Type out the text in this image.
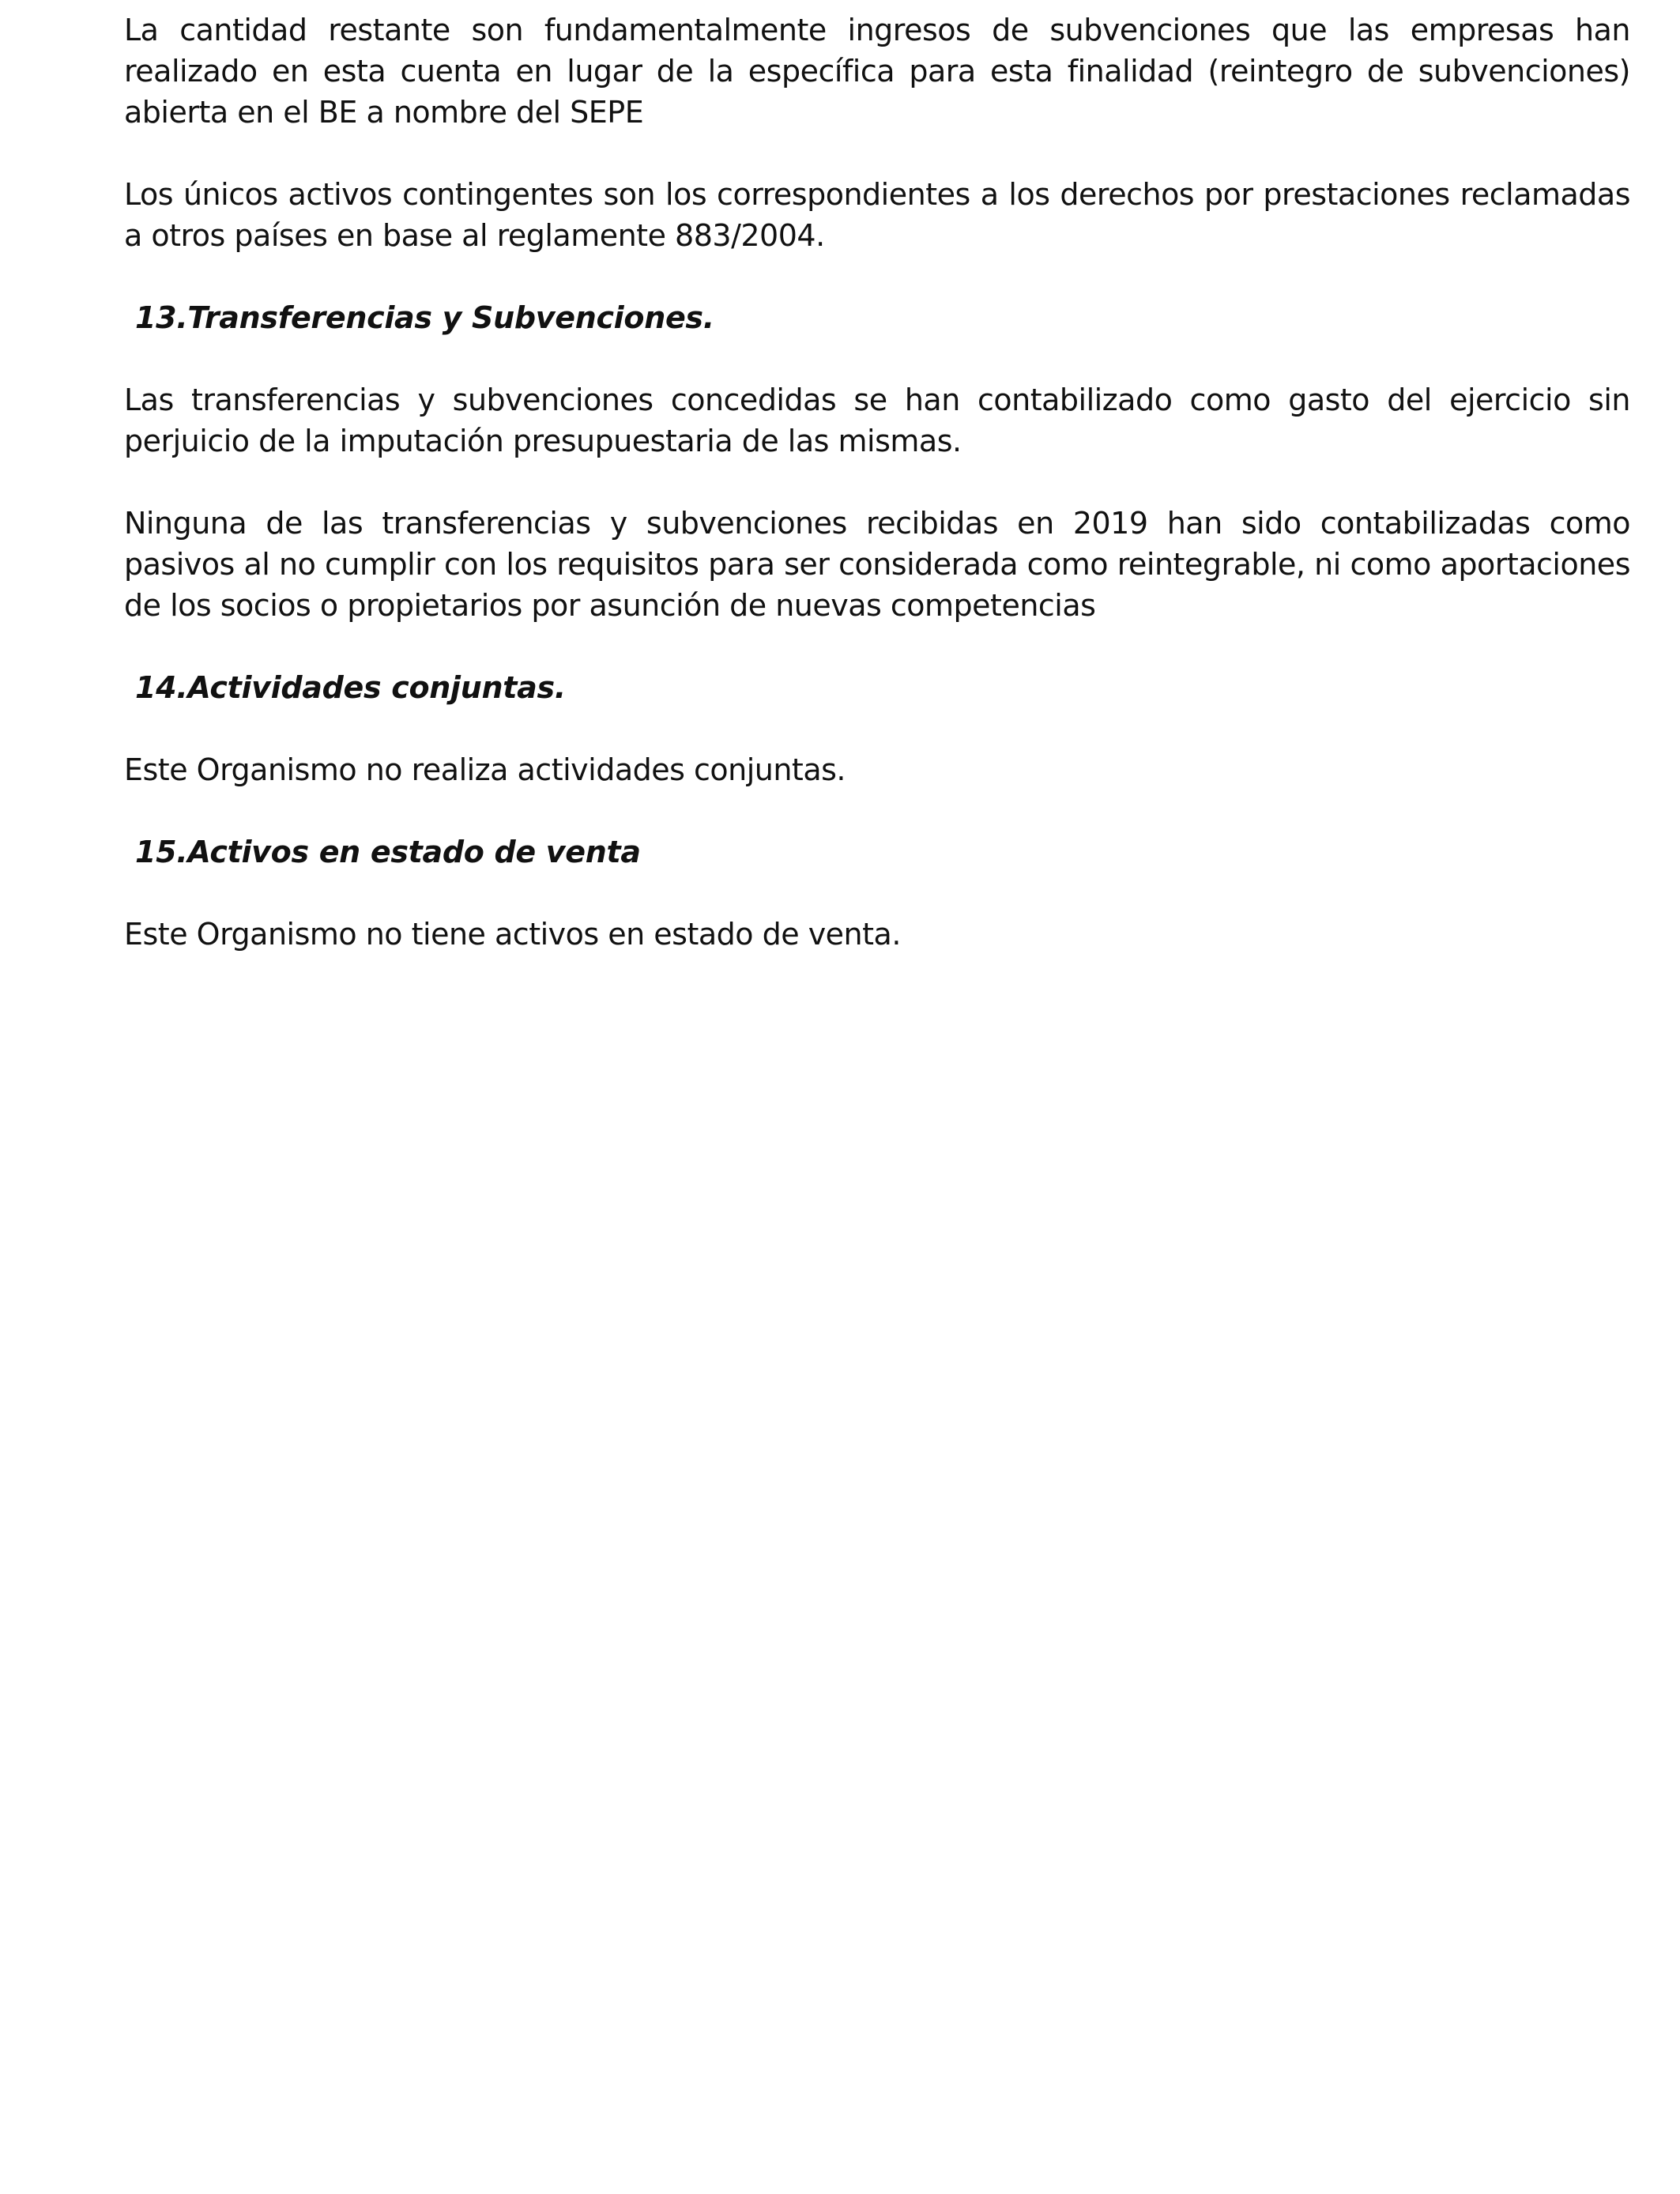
La cantidad restante son fundamentalmente ingresos de subvenciones que las empresas han realizado en esta cuenta en lugar de la específica para esta finalidad (reintegro de subvenciones) abierta en el BE a nombre del SEPE

Los únicos activos contingentes son los correspondientes a los derechos por prestaciones reclamadas a otros países en base al reglamente 883/2004.

13.Transferencias y Subvenciones.

Las transferencias y subvenciones concedidas se han contabilizado como gasto del ejercicio sin perjuicio de la imputación presupuestaria de las mismas.

Ninguna de las transferencias y subvenciones recibidas en 2019 han sido contabilizadas como pasivos al no cumplir con los requisitos para ser considerada como reintegrable, ni como aportaciones de los socios o propietarios por asunción de nuevas competencias

14.Actividades conjuntas.

Este Organismo no realiza actividades conjuntas.

15.Activos en estado de venta

Este Organismo no tiene activos en estado de venta.
